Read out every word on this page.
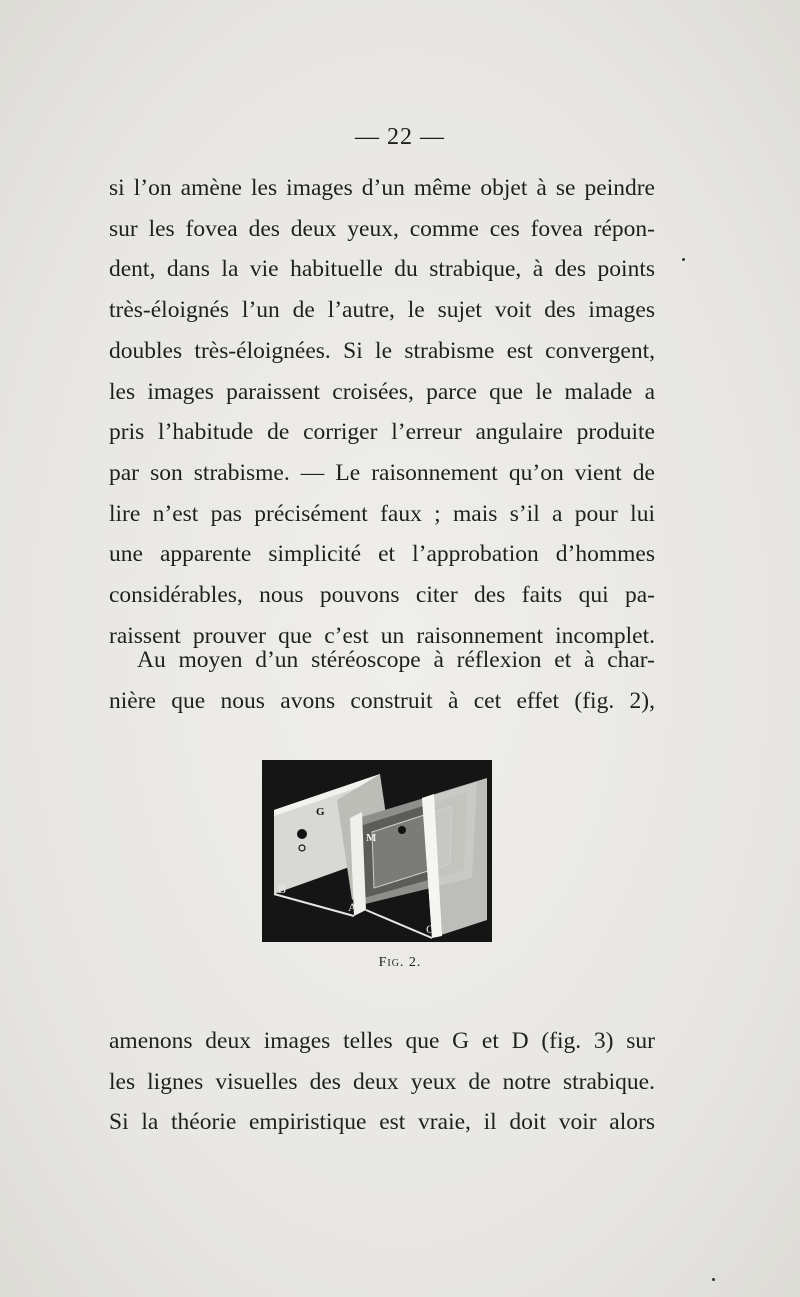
— 22 —
si l’on amène les images d’un même objet à se peindre
sur les fovea des deux yeux, comme ces fovea répon-
dent, dans la vie habituelle du strabique, à des points
très-éloignés l’un de l’autre, le sujet voit des images
doubles très-éloignées. Si le strabisme est convergent,
les images paraissent croisées, parce que le malade a
pris l’habitude de corriger l’erreur angulaire produite
par son strabisme. — Le raisonnement qu’on vient de
lire n’est pas précisément faux ; mais s’il a pour lui
une apparente simplicité et l’approbation d’hommes
considérables, nous pouvons citer des faits qui pa-
raissent prouver que c’est un raisonnement incomplet.
Au moyen d’un stéréoscope à réflexion et à char-
nière que nous avons construit à cet effet (fig. 2),
G
M
B
A
C
Fig. 2.
amenons deux images telles que G et D (fig. 3) sur
les lignes visuelles des deux yeux de notre strabique.
Si la théorie empiristique est vraie, il doit voir alors
